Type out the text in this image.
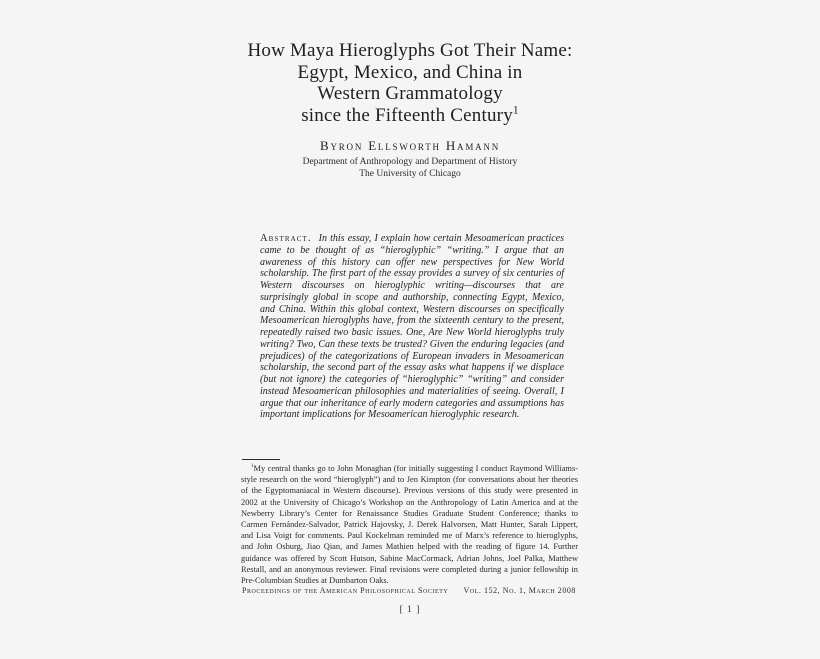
How Maya Hieroglyphs Got Their Name:
Egypt, Mexico, and China in
Western Grammatology
since the Fifteenth Century$^1$
Byron Ellsworth Hamann
Department of Anthropology and Department of History
The University of Chicago
Abstract. In this essay, I explain how certain Mesoamerican practices came to be thought of as “hieroglyphic” “writing.” I argue that an awareness of this history can offer new perspectives for New World scholarship. The first part of the essay provides a survey of six centuries of Western discourses on hieroglyphic writing—discourses that are surprisingly global in scope and authorship, connecting Egypt, Mexico, and China. Within this global context, Western discourses on specifically Mesoamerican hieroglyphs have, from the sixteenth century to the present, repeatedly raised two basic issues. One, Are New World hieroglyphs truly writing? Two, Can these texts be trusted? Given the enduring legacies (and prejudices) of the categorizations of European invaders in Mesoamerican scholarship, the second part of the essay asks what happens if we displace (but not ignore) the categories of “hieroglyphic” “writing” and consider instead Mesoamerican philosophies and materialities of seeing. Overall, I argue that our inheritance of early modern categories and assumptions has important implications for Mesoamerican hieroglyphic research.
$^1$My central thanks go to John Monaghan (for initially suggesting I conduct Raymond Williams-style research on the word “hieroglyph”) and to Jen Kimpton (for conversations about her theories of the Egyptomaniacal in Western discourse). Previous versions of this study were presented in 2002 at the University of Chicago’s Workshop on the Anthropology of Latin America and at the Newberry Library’s Center for Renaissance Studies Graduate Student Conference; thanks to Carmen Fernández-Salvador, Patrick Hajovsky, J. Derek Halvorsen, Matt Hunter, Sarah Lippert, and Lisa Voigt for comments. Paul Kockelman reminded me of Marx’s reference to hieroglyphs, and John Osburg, Jiao Qian, and James Mathien helped with the reading of figure 14. Further guidance was offered by Scott Hutson, Sabine MacCormack, Adrian Johns, Joel Palka, Matthew Restall, and an anonymous reviewer. Final revisions were completed during a junior fellowship in Pre-Columbian Studies at Dumbarton Oaks.
Proceedings of the American Philosophical Society Vol. 152, No. 1, March 2008
[ 1 ]
